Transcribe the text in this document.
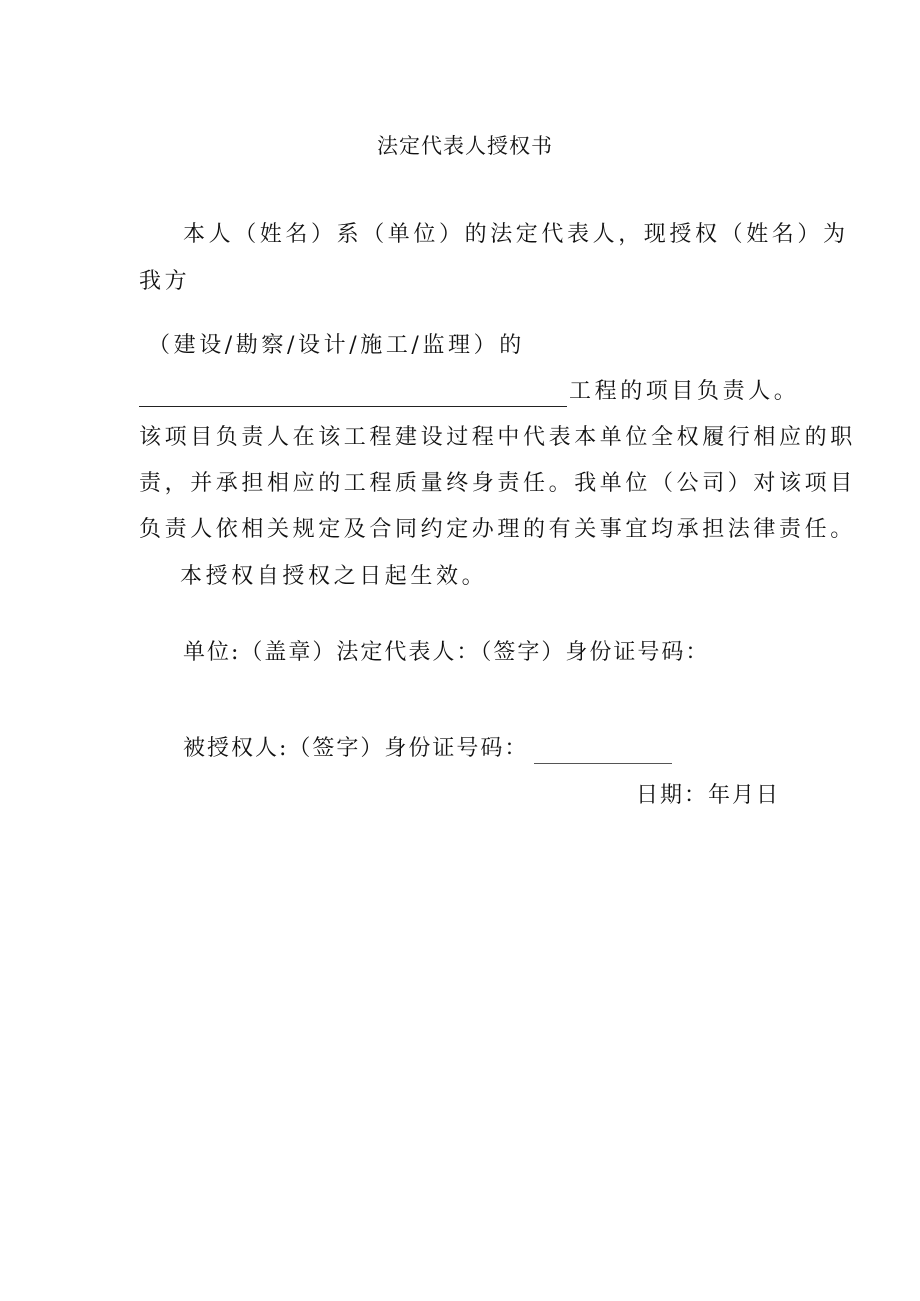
法定代表人授权书
本人（姓名）系（单位）的法定代表人，现授权（姓名）为
我方
（建设/勘察/设计/施工/监理）的
工程的项目负责人。
该项目负责人在该工程建设过程中代表本单位全权履行相应的职
责，并承担相应的工程质量终身责任。我单位（公司）对该项目
负责人依相关规定及合同约定办理的有关事宜均承担法律责任。
本授权自授权之日起生效。
单位:（盖章）法定代表人：（签字）身份证号码：
被授权人:（签字）身份证号码：
日期：年月日
